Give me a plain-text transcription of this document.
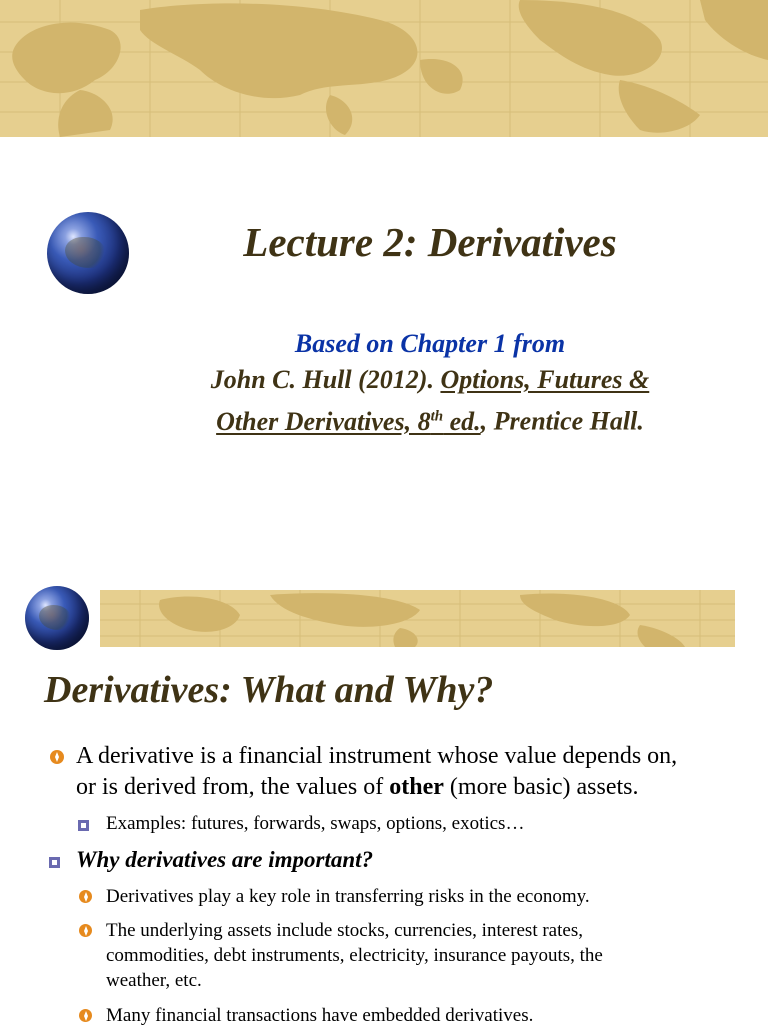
Lecture 2: Derivatives
Based on Chapter 1 from
John C. Hull (2012). Options, Futures &
Other Derivatives, 8th ed., Prentice Hall.
Derivatives: What and Why?
A derivative is a financial instrument whose value depends on,
or is derived from, the values of other (more basic) assets.
Examples: futures, forwards, swaps, options, exotics…
Why derivatives are important?
Derivatives play a key role in transferring risks in the economy.
The underlying assets include stocks, currencies, interest rates,
commodities, debt instruments, electricity, insurance payouts, the
weather, etc.
Many financial transactions have embedded derivatives.
